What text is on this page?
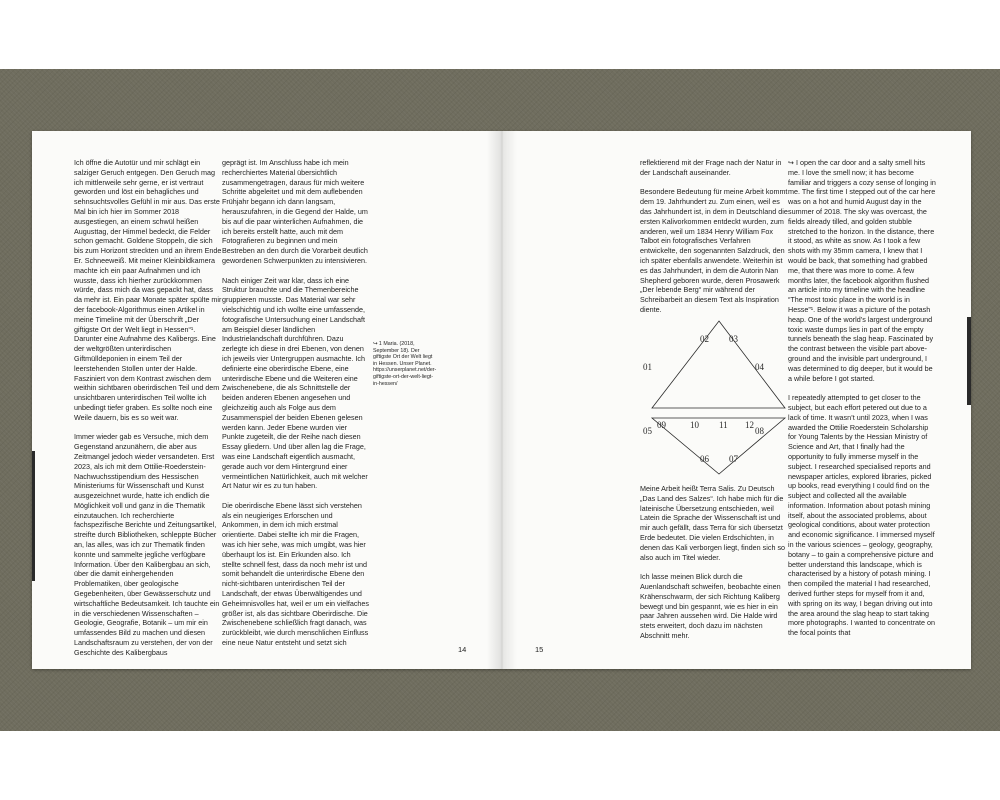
Ich öffne die Autotür und mir schlägt ein salziger Geruch entgegen. Den Geruch mag ich mittlerweile sehr gerne, er ist vertraut geworden und löst ein behagliches und sehnsuchtsvolles Gefühl in mir aus. Das erste Mal bin ich hier im Sommer 2018 ausgestiegen, an einem schwül heißen Augusttag, der Himmel bedeckt, die Felder schon gemacht. Goldene Stoppeln, die sich bis zum Horizont streckten und an ihrem Ende Er. Schneeweiß. Mit meiner Kleinbildkamera machte ich ein paar Aufnahmen und ich wusste, dass ich hierher zurückkommen würde, dass mich da was gepackt hat, dass da mehr ist. Ein paar Monate später spülte mir der facebook-Algorithmus einen Artikel in meine Timeline mit der Überschrift „Der giftigste Ort der Welt liegt in Hessen“¹. Darunter eine Aufnahme des Kalibergs. Eine der weltgrößten unterirdischen Giftmülldeponien in einem Teil der leerstehenden Stollen unter der Halde. Fasziniert von dem Kontrast zwischen dem weithin sichtbaren oberirdischen Teil und dem unsichtbaren unterirdischen Teil wollte ich unbedingt tiefer graben. Es sollte noch eine Weile dauern, bis es so weit war.

Immer wieder gab es Versuche, mich dem Gegenstand anzunähern, die aber aus Zeitmangel jedoch wieder versandeten. Erst 2023, als ich mit dem Ottilie-Roederstein-Nachwuchsstipendium des Hessischen Ministeriums für Wissenschaft und Kunst ausgezeichnet wurde, hatte ich endlich die Möglichkeit voll und ganz in die Thematik einzutauchen. Ich recherchierte fachspezifische Berichte und Zeitungsartikel, streifte durch Bibliotheken, schleppte Bücher an, las alles, was ich zur Thematik finden konnte und sammelte jegliche verfügbare Information. Über den Kalibergbau an sich, über die damit einhergehenden Problematiken, über geologische Gegebenheiten, über Gewässerschutz und wirtschaftliche Bedeutsamkeit. Ich tauchte ein in die verschiedenen Wissenschaften – Geologie, Geografie, Botanik – um mir ein umfassendes Bild zu machen und diesen Landschaftsraum zu verstehen, der von der Geschichte des Kalibergbaus

geprägt ist. Im Anschluss habe ich mein recherchiertes Material übersichtlich zusammengetragen, daraus für mich weitere Schritte abgeleitet und mit dem auflebenden Frühjahr begann ich dann langsam, herauszufahren, in die Gegend der Halde, um bis auf die paar winterlichen Aufnahmen, die ich bereits erstellt hatte, auch mit dem Fotografieren zu beginnen und mein Bestreben an den durch die Vorarbeit deutlich gewordenen Schwerpunkten zu intensivieren.

Nach einiger Zeit war klar, dass ich eine Struktur brauchte und die Themenbereiche gruppieren musste. Das Material war sehr vielschichtig und ich wollte eine umfassende, fotografische Untersuchung einer Landschaft am Beispiel dieser ländlichen Industrielandschaft durchführen. Dazu zerlegte ich diese in drei Ebenen, von denen ich jeweils vier Untergruppen ausmachte. Ich definierte eine oberirdische Ebene, eine unterirdische Ebene und die Weiteren eine Zwischenebene, die als Schnittstelle der beiden anderen Ebenen angesehen und gleichzeitig auch als Folge aus dem Zusammenspiel der beiden Ebenen gelesen werden kann. Jeder Ebene wurden vier Punkte zugeteilt, die der Reihe nach diesen Essay gliedern. Und über allen lag die Frage, was eine Landschaft eigentlich ausmacht, gerade auch vor dem Hintergrund einer vermeintlichen Natürlichkeit, auch mit welcher Art Natur wir es zu tun haben.

Die oberirdische Ebene lässt sich verstehen als ein neugieriges Erforschen und Ankommen, in dem ich mich erstmal orientierte. Dabei stellte ich mir die Fragen, was ich hier sehe, was mich umgibt, was hier überhaupt los ist. Ein Erkunden also. Ich stellte schnell fest, dass da noch mehr ist und somit behandelt die unterirdische Ebene den nicht-sichtbaren unterirdischen Teil der Landschaft, der etwas Überwältigendes und Geheimnisvolles hat, weil er um ein vielfaches größer ist, als das sichtbare Oberirdische. Die Zwischenebene schließlich fragt danach, was zurückbleibt, wie durch menschlichen Einfluss eine neue Natur entsteht und setzt sich

↪ 1 Maria. (2018, September 18). Der giftigste Ort der Welt liegt in Hessen. Unser Planet. https://unserplanet.net/der-giftigste-ort-der-welt-liegt-in-hessen/
14

reflektierend mit der Frage nach der Natur in der Landschaft auseinander.

Besondere Bedeutung für meine Arbeit kommt dem 19. Jahrhundert zu. Zum einen, weil es das Jahrhundert ist, in dem in Deutschland die ersten Kalivorkommen entdeckt wurden, zum anderen, weil um 1834 Henry William Fox Talbot ein fotografisches Verfahren entwickelte, den sogenannten Salzdruck, den ich später ebenfalls anwendete. Weiterhin ist es das Jahrhundert, in dem die Autorin Nan Shepherd geboren wurde, deren Prosawerk „Der lebende Berg“ mir während der Schreibarbeit an diesem Text als Inspiration diente.

02 03
01	04
09	10 11 12
05	08
06 07

Meine Arbeit heißt Terra Salis. Zu Deutsch „Das Land des Salzes“. Ich habe mich für die lateinische Übersetzung entschieden, weil Latein die Sprache der Wissenschaft ist und mir auch gefällt, dass Terra für sich übersetzt Erde bedeutet. Die vielen Erdschichten, in denen das Kali verborgen liegt, finden sich so also auch im Titel wieder.

Ich lasse meinen Blick durch die Auenlandschaft schweifen, beobachte einen Krähenschwarm, der sich Richtung Kaliberg bewegt und bin gespannt, wie es hier in ein paar Jahren aussehen wird. Die Halde wird stets erweitert, doch dazu im nächsten Abschnitt mehr.

↪ I open the car door and a salty smell hits me. I love the smell now; it has become familiar and triggers a cozy sense of longing in me. The first time I stepped out of the car here was on a hot and humid August day in the summer of 2018. The sky was overcast, the fields already tilled, and golden stubble stretched to the horizon. In the distance, there it stood, as white as snow. As I took a few shots with my 35mm camera, I knew that I would be back, that something had grabbed me, that there was more to come. A few months later, the facebook algorithm flushed an article into my timeline with the headline “The most toxic place in the world is in Hesse”¹. Below it was a picture of the potash heap. One of the world’s largest underground toxic waste dumps lies in part of the empty tunnels beneath the slag heap. Fascinated by the contrast between the visible part above-ground and the invisible part underground, I was determined to dig deeper, but it would be a while before I got started.

I repeatedly attempted to get closer to the subject, but each effort petered out due to a lack of time. It wasn’t until 2023, when I was awarded the Ottilie Roederstein Scholarship for Young Talents by the Hessian Ministry of Science and Art, that I finally had the opportunity to fully immerse myself in the subject. I researched specialised reports and newspaper articles, explored libraries, picked up books, read everything I could find on the subject and collected all the available information. Information about potash mining itself, about the associated problems, about geological conditions, about water protection and economic significance. I immersed myself in the various sciences – geology, geography, botany – to gain a comprehensive picture and better understand this landscape, which is characterised by a history of potash mining. I then compiled the material I had researched, derived further steps for myself from it and, with spring on its way, I began driving out into the area around the slag heap to start taking more photographs. I wanted to concentrate on the focal points that

15
